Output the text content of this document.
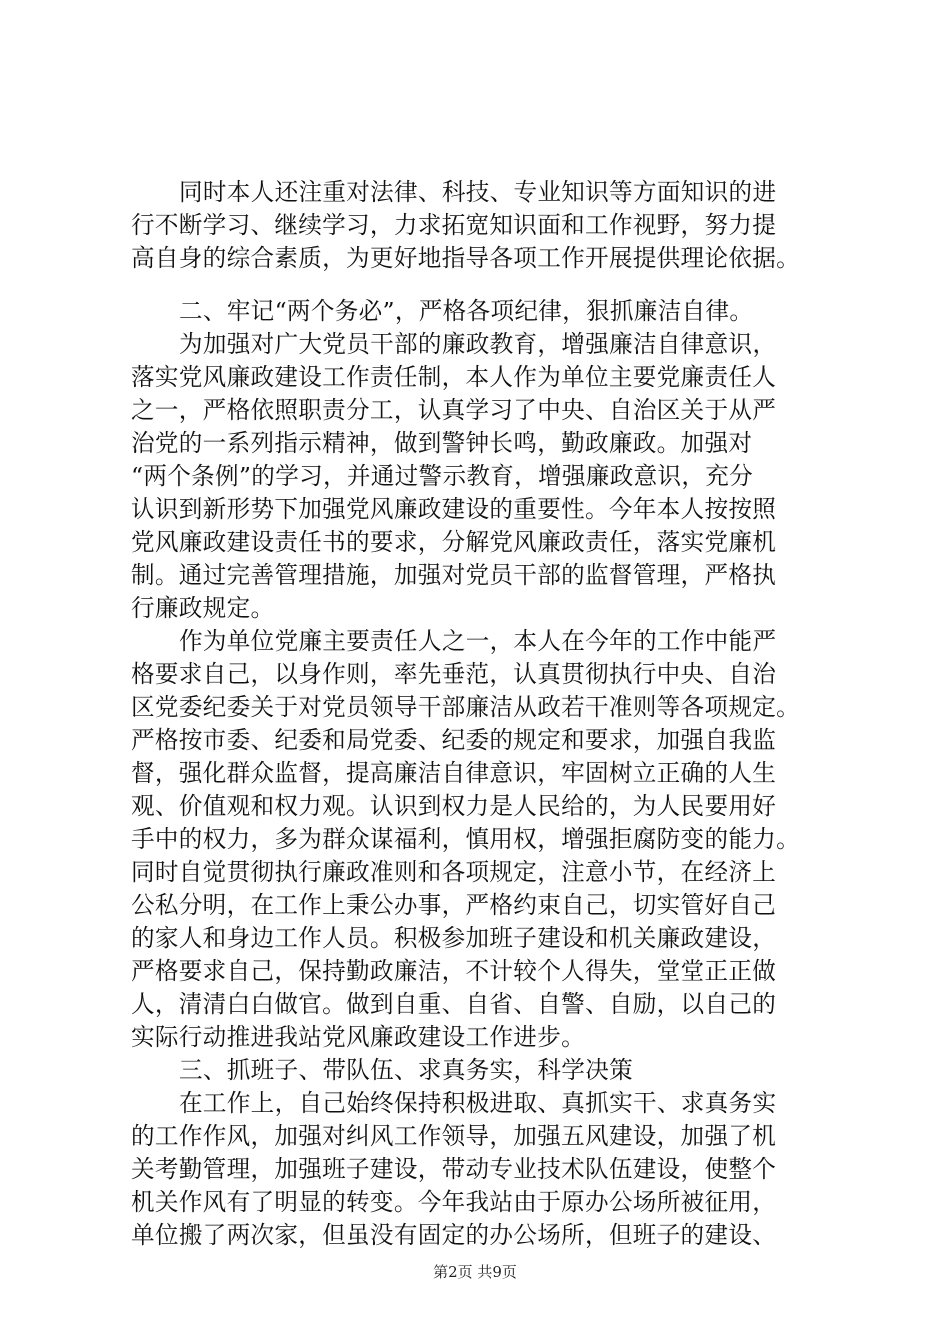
同时本人还注重对法律、科技、专业知识等方面知识的进
行不断学习、继续学习，力求拓宽知识面和工作视野，努力提
高自身的综合素质，为更好地指导各项工作开展提供理论依据。
二、牢记“两个务必”，严格各项纪律，狠抓廉洁自律。
为加强对广大党员干部的廉政教育，增强廉洁自律意识，
落实党风廉政建设工作责任制，本人作为单位主要党廉责任人
之一，严格依照职责分工，认真学习了中央、自治区关于从严
治党的一系列指示精神，做到警钟长鸣，勤政廉政。加强对
“两个条例”的学习，并通过警示教育，增强廉政意识，充分
认识到新形势下加强党风廉政建设的重要性。今年本人按按照
党风廉政建设责任书的要求，分解党风廉政责任，落实党廉机
制。通过完善管理措施，加强对党员干部的监督管理，严格执
行廉政规定。
作为单位党廉主要责任人之一，本人在今年的工作中能严
格要求自己，以身作则，率先垂范，认真贯彻执行中央、自治
区党委纪委关于对党员领导干部廉洁从政若干准则等各项规定。
严格按市委、纪委和局党委、纪委的规定和要求，加强自我监
督，强化群众监督，提高廉洁自律意识，牢固树立正确的人生
观、价值观和权力观。认识到权力是人民给的，为人民要用好
手中的权力，多为群众谋福利，慎用权，增强拒腐防变的能力。
同时自觉贯彻执行廉政准则和各项规定，注意小节，在经济上
公私分明，在工作上秉公办事，严格约束自己，切实管好自己
的家人和身边工作人员。积极参加班子建设和机关廉政建设，
严格要求自己，保持勤政廉洁，不计较个人得失，堂堂正正做
人，清清白白做官。做到自重、自省、自警、自励，以自己的
实际行动推进我站党风廉政建设工作进步。
三、抓班子、带队伍、求真务实，科学决策
在工作上，自己始终保持积极进取、真抓实干、求真务实
的工作作风，加强对纠风工作领导，加强五风建设，加强了机
关考勤管理，加强班子建设，带动专业技术队伍建设，使整个
机关作风有了明显的转变。今年我站由于原办公场所被征用，
单位搬了两次家，但虽没有固定的办公场所，但班子的建设、
第2页 共9页
